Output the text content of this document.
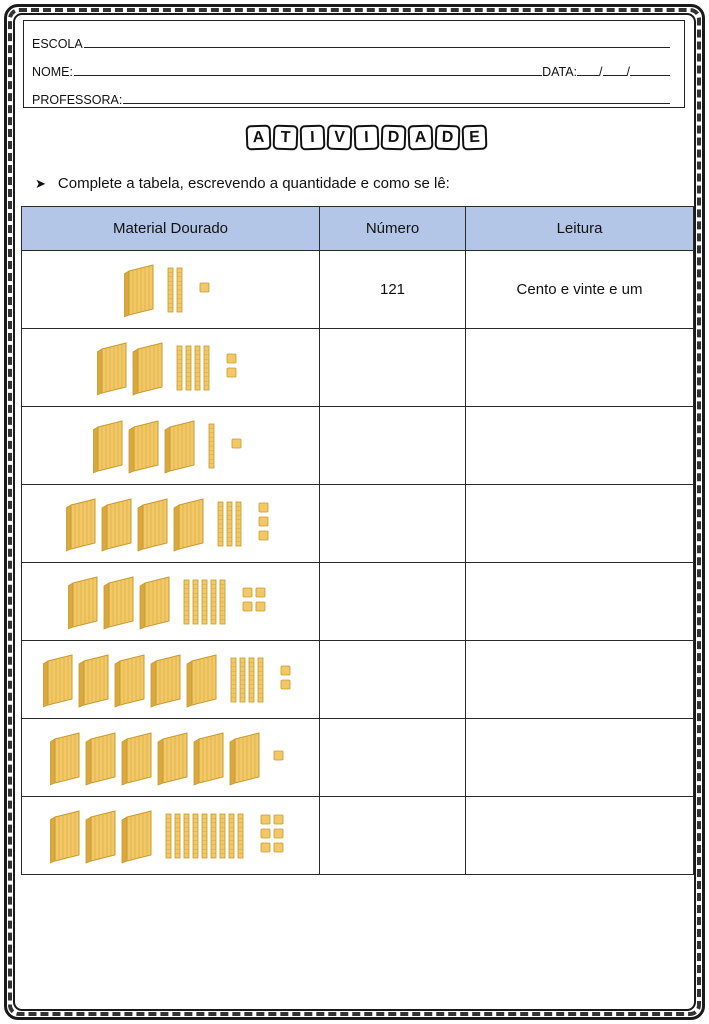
ESCOLA
NOME:	DATA: / /
PROFESSORA:
A T	I	V	I	D A D E
➤ Complete a tabela, escrevendo a quantidade e como se lê:
Material Dourado	Número	Leitura

	121	Cento e vinte e um
